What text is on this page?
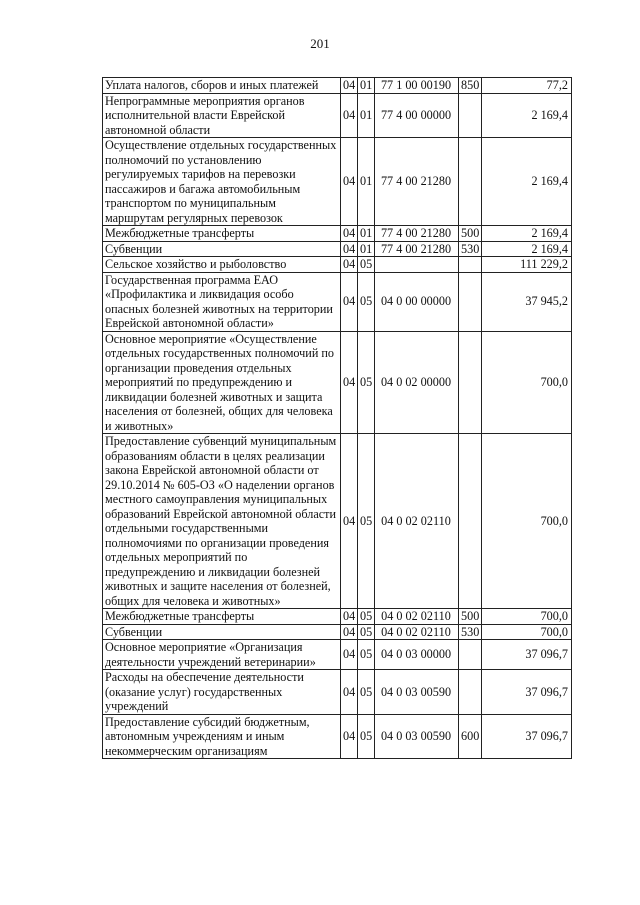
201
Уплата налогов, сборов и иных платежей	04	01	77 1 00 00190	850	77,2
Непрограммные мероприятия органов исполнительной власти Еврейской автономной области	04	01	77 4 00 00000		2 169,4
Осуществление отдельных государственных полномочий по установлению регулируемых тарифов на перевозки пассажиров и багажа автомобильным транспортом по муниципальным маршрутам регулярных перевозок	04	01	77 4 00 21280		2 169,4
Межбюджетные трансферты	04	01	77 4 00 21280	500	2 169,4
Субвенции	04	01	77 4 00 21280	530	2 169,4
Сельское хозяйство и рыболовство	04	05			111 229,2
Государственная программа ЕАО «Профилактика и ликвидация особо опасных болезней животных на территории Еврейской автономной области»	04	05	04 0 00 00000		37 945,2
Основное мероприятие «Осуществление отдельных государственных полномочий по организации проведения отдельных мероприятий по предупреждению и ликвидации болезней животных и защита населения от болезней, общих для человека и животных»	04	05	04 0 02 00000		700,0
Предоставление субвенций муниципальным образованиям области в целях реализации закона Еврейской автономной области от 29.10.2014 № 605-ОЗ «О наделении органов местного самоуправления муниципальных образований Еврейской автономной области отдельными государственными полномочиями по организации проведения отдельных мероприятий по предупреждению и ликвидации болезней животных и защите населения от болезней, общих для человека и животных»	04	05	04 0 02 02110		700,0
Межбюджетные трансферты	04	05	04 0 02 02110	500	700,0
Субвенции	04	05	04 0 02 02110	530	700,0
Основное мероприятие «Организация деятельности учреждений ветеринарии»	04	05	04 0 03 00000		37 096,7
Расходы на обеспечение деятельности (оказание услуг) государственных учреждений	04	05	04 0 03 00590		37 096,7
Предоставление субсидий бюджетным, автономным учреждениям и иным некоммерческим организациям	04	05	04 0 03 00590	600	37 096,7
